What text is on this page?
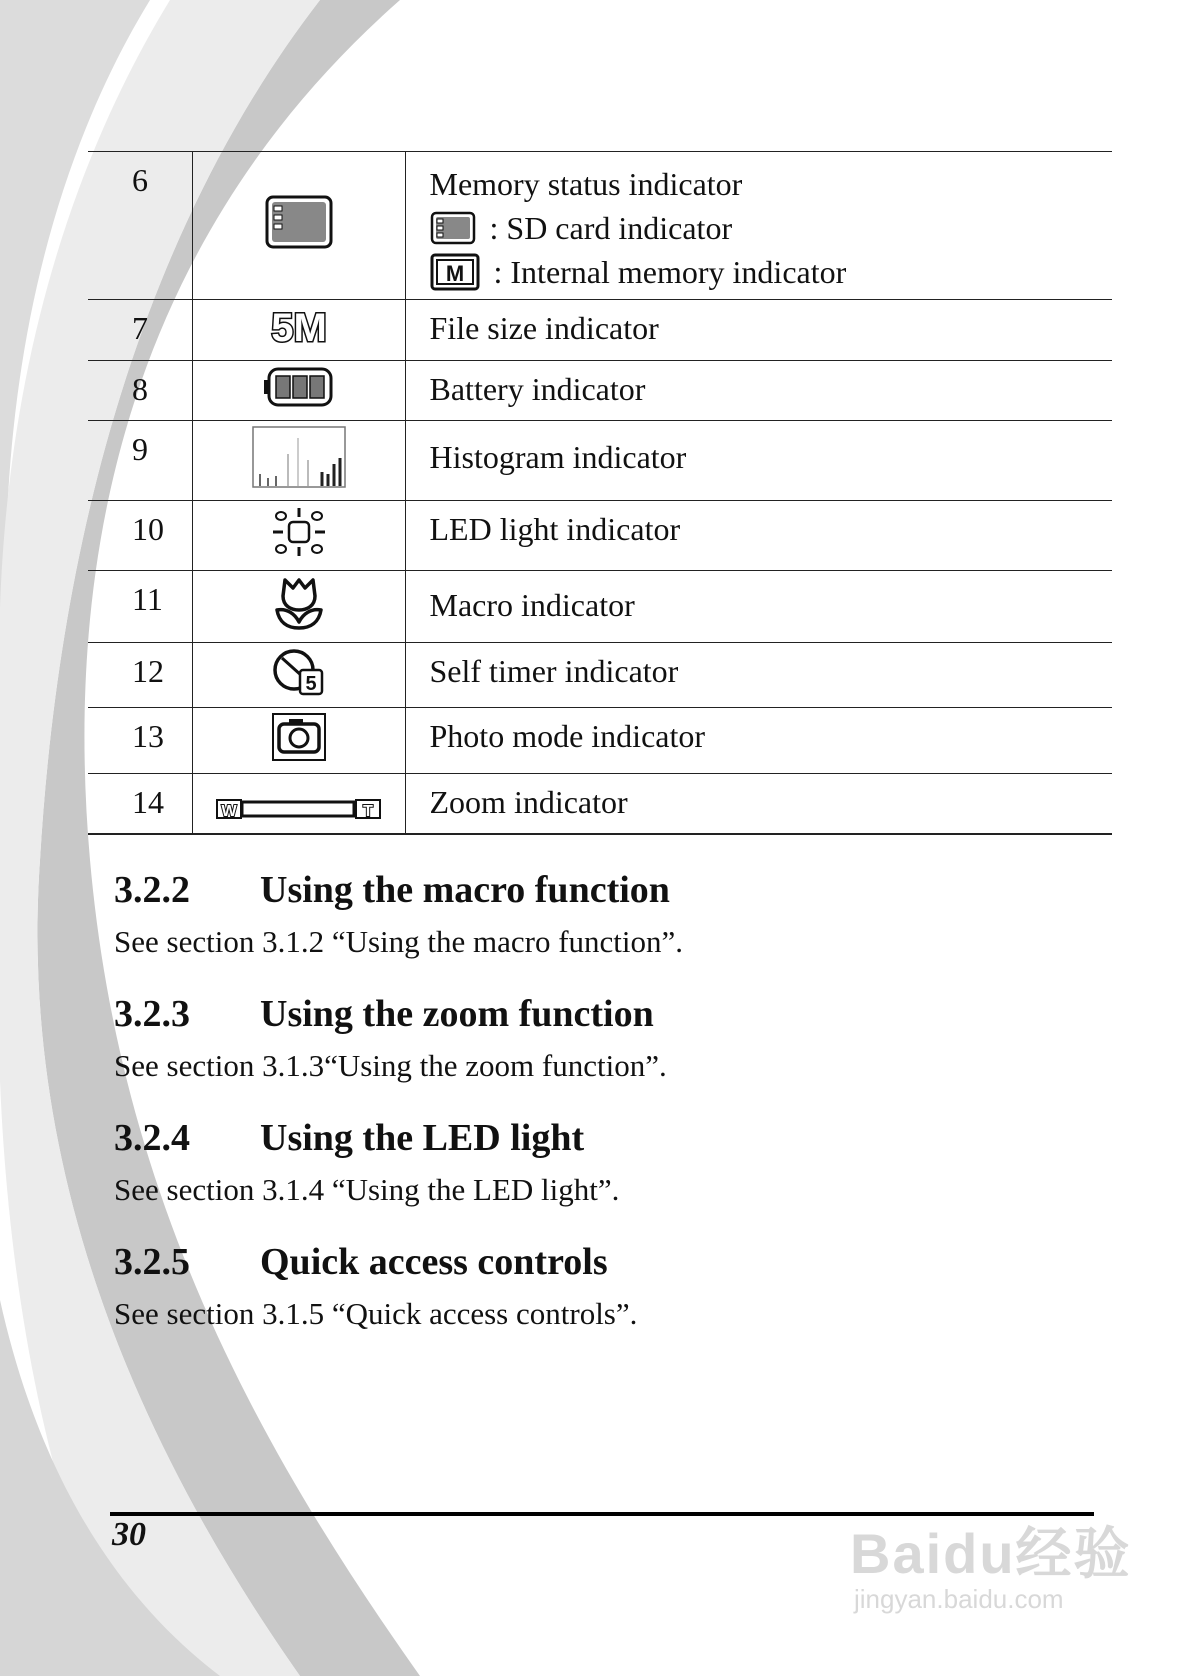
6		Memory status indicator
: SD card indicator
M : Internal memory indicator

7	5M	File size indicator
8		Battery indicator
9		Histogram indicator
10		LED light indicator
11		Macro indicator
12	5	Self timer indicator
13		Photo mode indicator
14	W T	Zoom indicator
3.2.2 Using the macro function

See section 3.1.2 “Using the macro function”.

3.2.3 Using the zoom function

See section 3.1.3“Using the zoom function”.

3.2.4 Using the LED light

See section 3.1.4 “Using the LED light”.

3.2.5 Quick access controls

See section 3.1.5 “Quick access controls”.

30	Baidu经验
jingyan.baidu.com
